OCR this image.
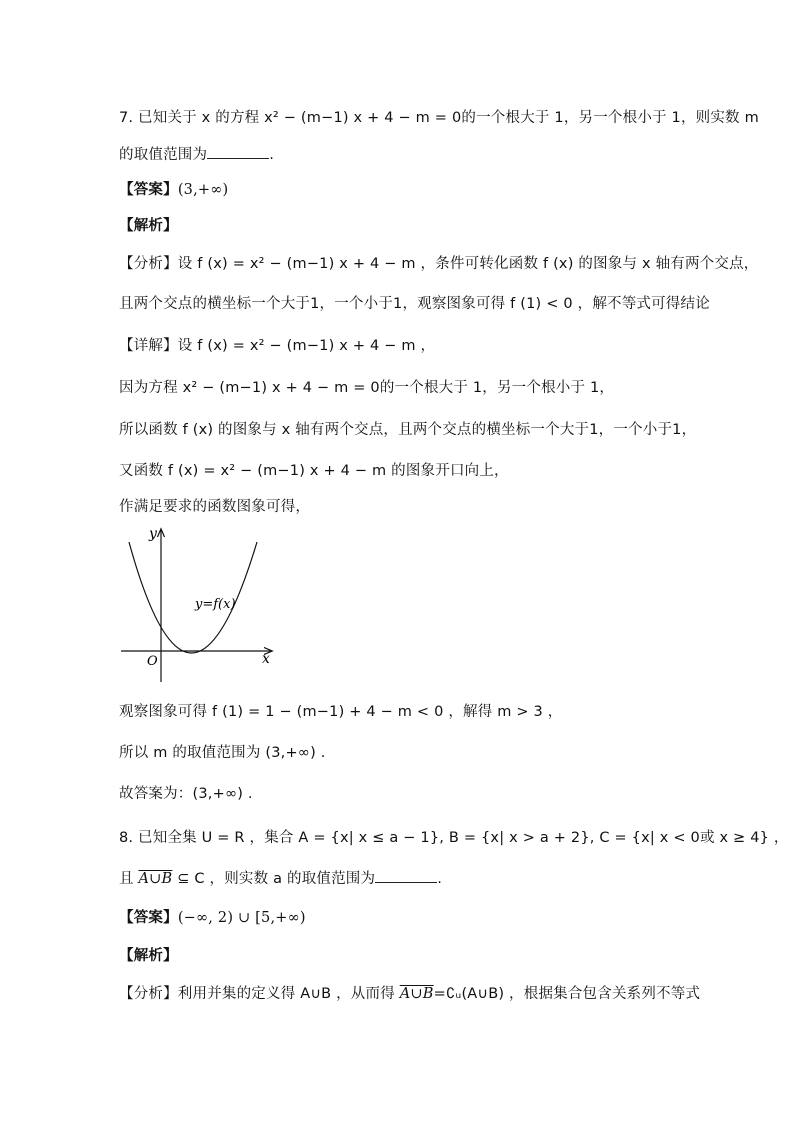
7. 已知关于 x 的方程 x² − (m−1) x + 4 − m = 0的一个根大于 1，另一个根小于 1，则实数 m
的取值范围为	.
【答案】(3,+∞)
【解析】
【分析】设 f (x) = x² − (m−1) x + 4 − m ，条件可转化函数 f (x) 的图象与 x 轴有两个交点，
且两个交点的横坐标一个大于1，一个小于1，观察图象可得 f (1) < 0 ，解不等式可得结论
【详解】设 f (x) = x² − (m−1) x + 4 − m ，
因为方程 x² − (m−1) x + 4 − m = 0的一个根大于 1，另一个根小于 1，
所以函数 f (x) 的图象与 x 轴有两个交点，且两个交点的横坐标一个大于1，一个小于1，
又函数 f (x) = x² − (m−1) x + 4 − m 的图象开口向上，
作满足要求的函数图象可得，
y
x
O
y=f(x)
观察图象可得 f (1) = 1 − (m−1) + 4 − m < 0 ，解得 m > 3 ，
所以 m 的取值范围为 (3,+∞) .
故答案为：(3,+∞) .
8. 已知全集 U = R ，集合 A = {x| x ≤ a − 1}, B = {x| x > a + 2}, C = {x| x < 0或 x ≥ 4} ，
且 A∪B ⊆ C ，则实数 a 的取值范围为	.
【答案】(−∞, 2) ∪ [5,+∞)
【解析】
【分析】利用并集的定义得 A∪B ，从而得 A∪B=∁ᵤ(A∪B) ，根据集合包含关系列不等式
